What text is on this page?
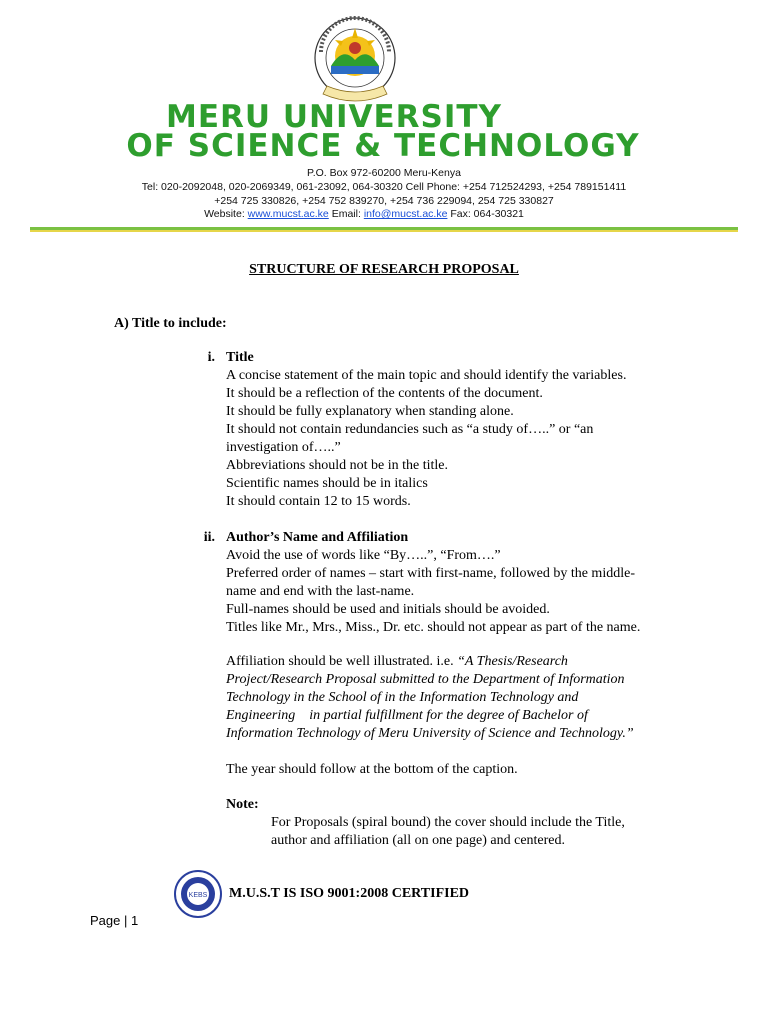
MERU UNIVERSITY
OF SCIENCE & TECHNOLOGY
P.O. Box 972-60200 Meru-Kenya
Tel: 020-2092048, 020-2069349, 061-23092, 064-30320 Cell Phone: +254 712524293, +254 789151411
+254 725 330826, +254 752 839270, +254 736 229094, 254 725 330827
Website: www.mucst.ac.ke Email: info@mucst.ac.ke Fax: 064-30321
STRUCTURE OF RESEARCH PROPOSAL
A) Title to include:
i. Title
A concise statement of the main topic and should identify the variables.
It should be a reflection of the contents of the document.
It should be fully explanatory when standing alone.
It should not contain redundancies such as “a study of…..” or “an
investigation of…..”
Abbreviations should not be in the title.
Scientific names should be in italics
It should contain 12 to 15 words.
ii. Author’s Name and Affiliation
Avoid the use of words like “By…..”, “From….”
Preferred order of names – start with first-name, followed by the middle-
name and end with the last-name.
Full-names should be used and initials should be avoided.
Titles like Mr., Mrs., Miss., Dr. etc. should not appear as part of the name.
Affiliation should be well illustrated. i.e. “A Thesis/Research
Project/Research Proposal submitted to the Department of Information
Technology in the School of in the Information Technology and
Engineering    in partial fulfillment for the degree of Bachelor of
Information Technology of Meru University of Science and Technology.”
The year should follow at the bottom of the caption.
Note:
For Proposals (spiral bound) the cover should include the Title,
author and affiliation (all on one page) and centered.
KEBS M.U.S.T IS ISO 9001:2008 CERTIFIED
Page | 1
